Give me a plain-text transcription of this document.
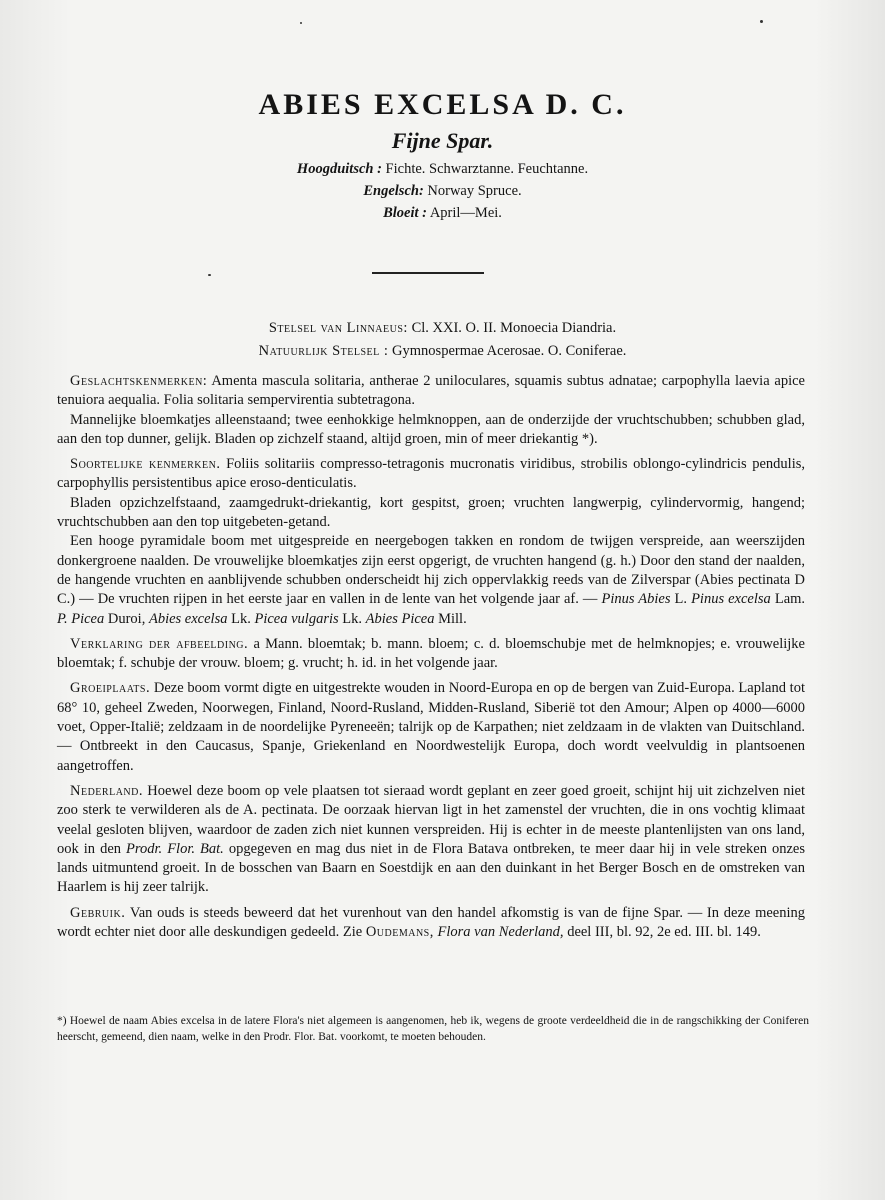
ABIES EXCELSA D. C.
Fijne Spar.
Hoogduitsch : Fichte. Schwarztanne. Feuchtanne.
Engelsch: Norway Spruce.
Bloeit : April—Mei.
Stelsel van Linnaeus: Cl. XXI. O. II. Monoecia Diandria.
Natuurlijk Stelsel : Gymnospermae Acerosae. O. Coniferae.

Geslachtskenmerken: Amenta mascula solitaria, antherae 2 uniloculares, squamis subtus adnatae; carpophylla laevia apice tenuiora aequalia. Folia solitaria sempervirentia subtetragona.

Mannelijke bloemkatjes alleenstaand; twee eenhokkige helmknoppen, aan de onderzijde der vruchtschubben; schubben glad, aan den top dunner, gelijk. Bladen op zichzelf staand, altijd groen, min of meer driekantig *).

Soortelijke kenmerken. Foliis solitariis compresso-tetragonis mucronatis viridibus, strobilis oblongo-cylindricis pendulis, carpophyllis persistentibus apice eroso-denticulatis.

Bladen opzichzelfstaand, zaamgedrukt-driekantig, kort gespitst, groen; vruchten langwerpig, cylindervormig, hangend; vruchtschubben aan den top uitgebeten-getand.

Een hooge pyramidale boom met uitgespreide en neergebogen takken en rondom de twijgen verspreide, aan weerszijden donkergroene naalden. De vrouwelijke bloemkatjes zijn eerst opgerigt, de vruchten hangend (g. h.) Door den stand der naalden, de hangende vruchten en aanblijvende schubben onderscheidt hij zich oppervlakkig reeds van de Zilverspar (Abies pectinata D C.) — De vruchten rijpen in het eerste jaar en vallen in de lente van het volgende jaar af. — Pinus Abies L. Pinus excelsa Lam. P. Picea Duroi, Abies excelsa Lk. Picea vulgaris Lk. Abies Picea Mill.

Verklaring der afbeelding. a Mann. bloemtak; b. mann. bloem; c. d. bloemschubje met de helmknopjes; e. vrouwelijke bloemtak; f. schubje der vrouw. bloem; g. vrucht; h. id. in het volgende jaar.

Groeiplaats. Deze boom vormt digte en uitgestrekte wouden in Noord-Europa en op de bergen van Zuid-Europa. Lapland tot 68° 10, geheel Zweden, Noorwegen, Finland, Noord-Rusland, Midden-Rusland, Siberië tot den Amour; Alpen op 4000—6000 voet, Opper-Italië; zeldzaam in de noordelijke Pyreneeën; talrijk op de Karpathen; niet zeldzaam in de vlakten van Duitschland. — Ontbreekt in den Caucasus, Spanje, Griekenland en Noordwestelijk Europa, doch wordt veelvuldig in plantsoenen aangetroffen.

Nederland. Hoewel deze boom op vele plaatsen tot sieraad wordt geplant en zeer goed groeit, schijnt hij uit zichzelven niet zoo sterk te verwilderen als de A. pectinata. De oorzaak hiervan ligt in het zamenstel der vruchten, die in ons vochtig klimaat veelal gesloten blijven, waardoor de zaden zich niet kunnen verspreiden. Hij is echter in de meeste plantenlijsten van ons land, ook in den Prodr. Flor. Bat. opgegeven en mag dus niet in de Flora Batava ontbreken, te meer daar hij in vele streken onzes lands uitmuntend groeit. In de bosschen van Baarn en Soestdijk en aan den duinkant in het Berger Bosch en de omstreken van Haarlem is hij zeer talrijk.

Gebruik. Van ouds is steeds beweerd dat het vurenhout van den handel afkomstig is van de fijne Spar. — In deze meening wordt echter niet door alle deskundigen gedeeld. Zie Oudemans, Flora van Nederland, deel III, bl. 92, 2e ed. III. bl. 149.

*) Hoewel de naam Abies excelsa in de latere Flora's niet algemeen is aangenomen, heb ik, wegens de groote verdeeldheid die in de rangschikking der Coniferen heerscht, gemeend, dien naam, welke in den Prodr. Flor. Bat. voorkomt, te moeten behouden.
